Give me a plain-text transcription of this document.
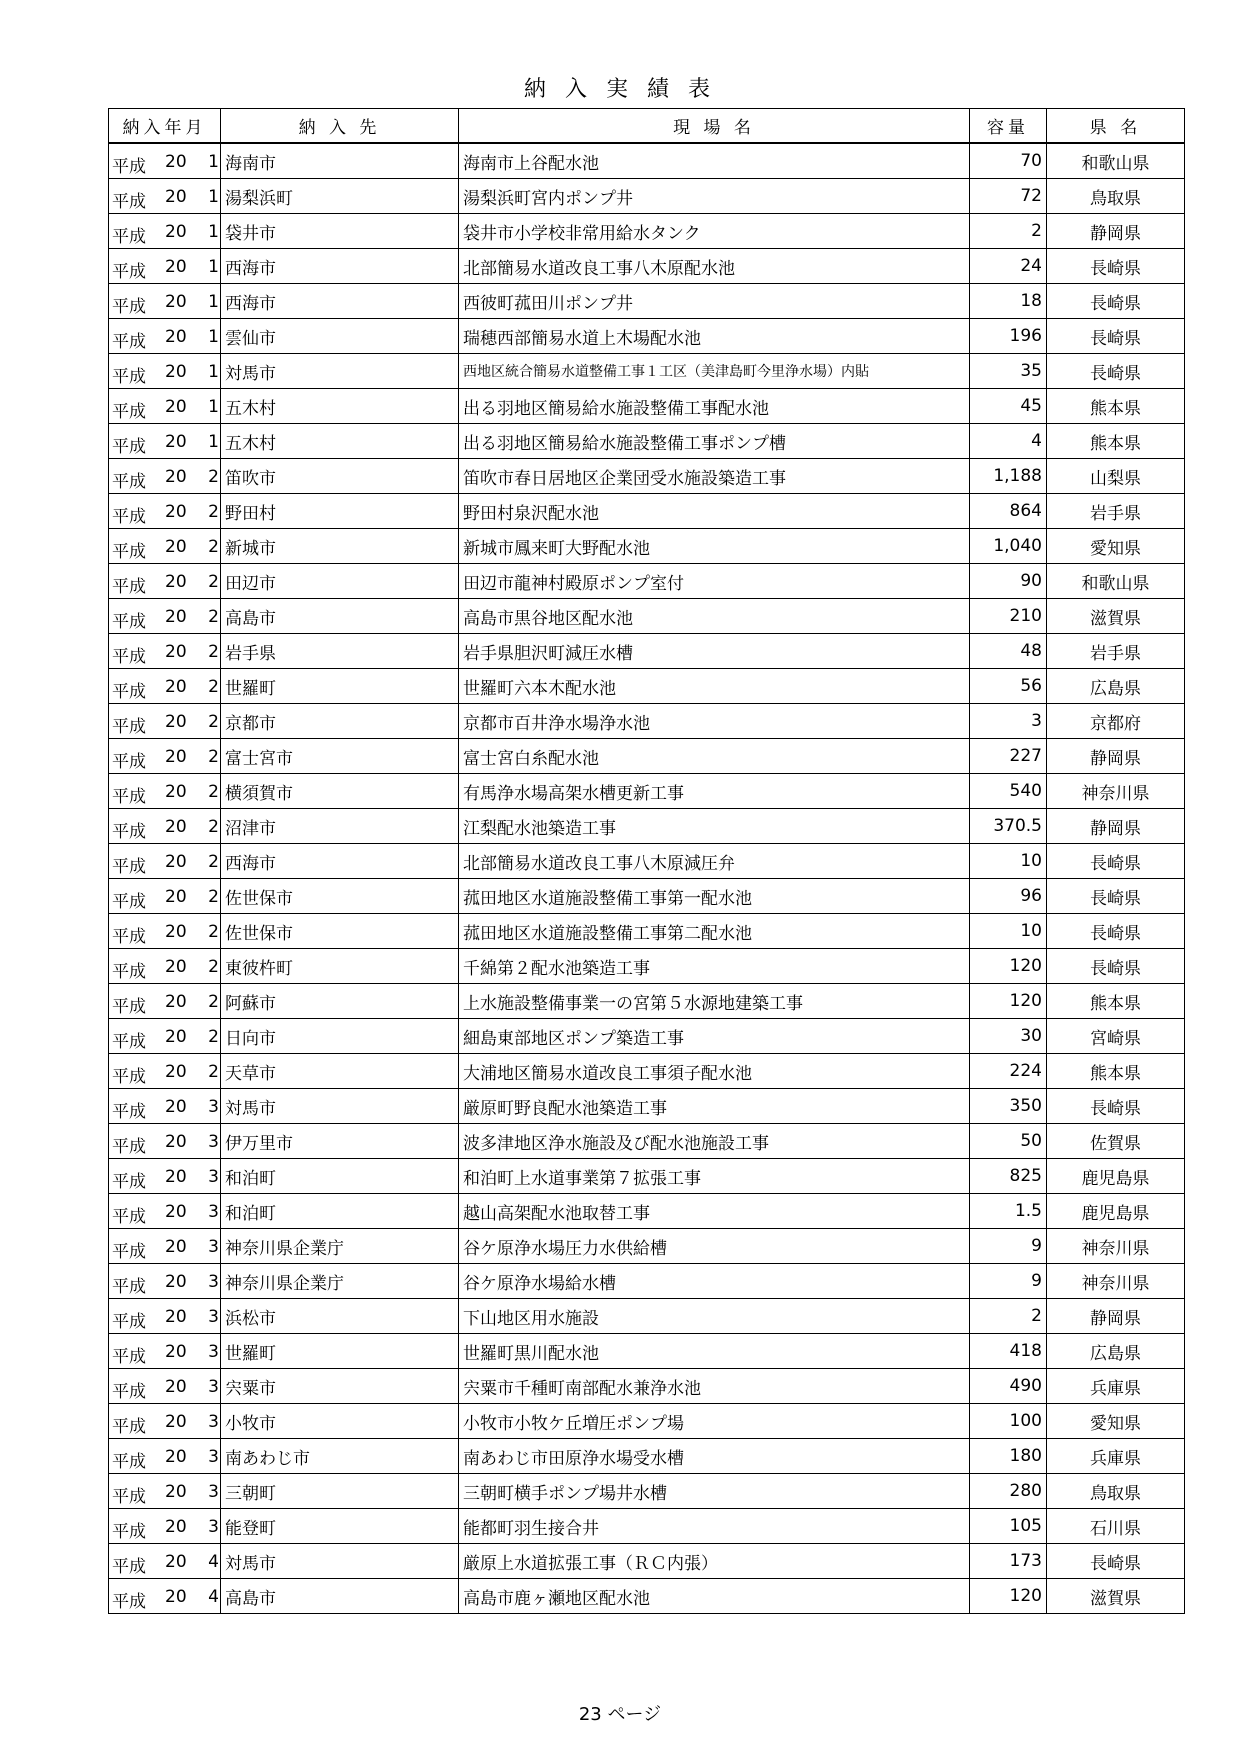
納 入 実 績 表
納入年月	納 入 先	現 場 名	容量	県 名

平成 20 1	海南市	海南市上谷配水池	70	和歌山県

平成 20 1	湯梨浜町	湯梨浜町宮内ポンプ井	72	鳥取県

平成 20 1	袋井市	袋井市小学校非常用給水タンク	2	静岡県

平成 20 1	西海市	北部簡易水道改良工事八木原配水池	24	長崎県

平成 20 1	西海市	西彼町菰田川ポンプ井	18	長崎県

平成 20 1	雲仙市	瑞穂西部簡易水道上木場配水池	196	長崎県

平成 20 1	対馬市	西地区統合簡易水道整備工事１工区（美津島町今里浄水場）内貼	35	長崎県

平成 20 1	五木村	出る羽地区簡易給水施設整備工事配水池	45	熊本県

平成 20 1	五木村	出る羽地区簡易給水施設整備工事ポンプ槽	4	熊本県

平成 20 2	笛吹市	笛吹市春日居地区企業団受水施設築造工事	1,188	山梨県

平成 20 2	野田村	野田村泉沢配水池	864	岩手県

平成 20 2	新城市	新城市鳳来町大野配水池	1,040	愛知県

平成 20 2	田辺市	田辺市龍神村殿原ポンプ室付	90	和歌山県

平成 20 2	高島市	高島市黒谷地区配水池	210	滋賀県

平成 20 2	岩手県	岩手県胆沢町減圧水槽	48	岩手県

平成 20 2	世羅町	世羅町六本木配水池	56	広島県

平成 20 2	京都市	京都市百井浄水場浄水池	3	京都府

平成 20 2	富士宮市	富士宮白糸配水池	227	静岡県

平成 20 2	横須賀市	有馬浄水場高架水槽更新工事	540	神奈川県

平成 20 2	沼津市	江梨配水池築造工事	370.5	静岡県

平成 20 2	西海市	北部簡易水道改良工事八木原減圧弁	10	長崎県

平成 20 2	佐世保市	菰田地区水道施設整備工事第一配水池	96	長崎県

平成 20 2	佐世保市	菰田地区水道施設整備工事第二配水池	10	長崎県

平成 20 2	東彼杵町	千綿第２配水池築造工事	120	長崎県

平成 20 2	阿蘇市	上水施設整備事業一の宮第５水源地建築工事	120	熊本県

平成 20 2	日向市	細島東部地区ポンプ築造工事	30	宮崎県

平成 20 2	天草市	大浦地区簡易水道改良工事須子配水池	224	熊本県

平成 20 3	対馬市	厳原町野良配水池築造工事	350	長崎県

平成 20 3	伊万里市	波多津地区浄水施設及び配水池施設工事	50	佐賀県

平成 20 3	和泊町	和泊町上水道事業第７拡張工事	825	鹿児島県

平成 20 3	和泊町	越山高架配水池取替工事	1.5	鹿児島県

平成 20 3	神奈川県企業庁	谷ケ原浄水場圧力水供給槽	9	神奈川県

平成 20 3	神奈川県企業庁	谷ケ原浄水場給水槽	9	神奈川県

平成 20 3	浜松市	下山地区用水施設	2	静岡県

平成 20 3	世羅町	世羅町黒川配水池	418	広島県

平成 20 3	宍粟市	宍粟市千種町南部配水兼浄水池	490	兵庫県

平成 20 3	小牧市	小牧市小牧ケ丘増圧ポンプ場	100	愛知県

平成 20 3	南あわじ市	南あわじ市田原浄水場受水槽	180	兵庫県

平成 20 3	三朝町	三朝町横手ポンプ場井水槽	280	鳥取県

平成 20 3	能登町	能都町羽生接合井	105	石川県

平成 20 4	対馬市	厳原上水道拡張工事（ＲＣ内張）	173	長崎県

平成 20 4	高島市	高島市鹿ヶ瀬地区配水池	120	滋賀県
23 ページ
